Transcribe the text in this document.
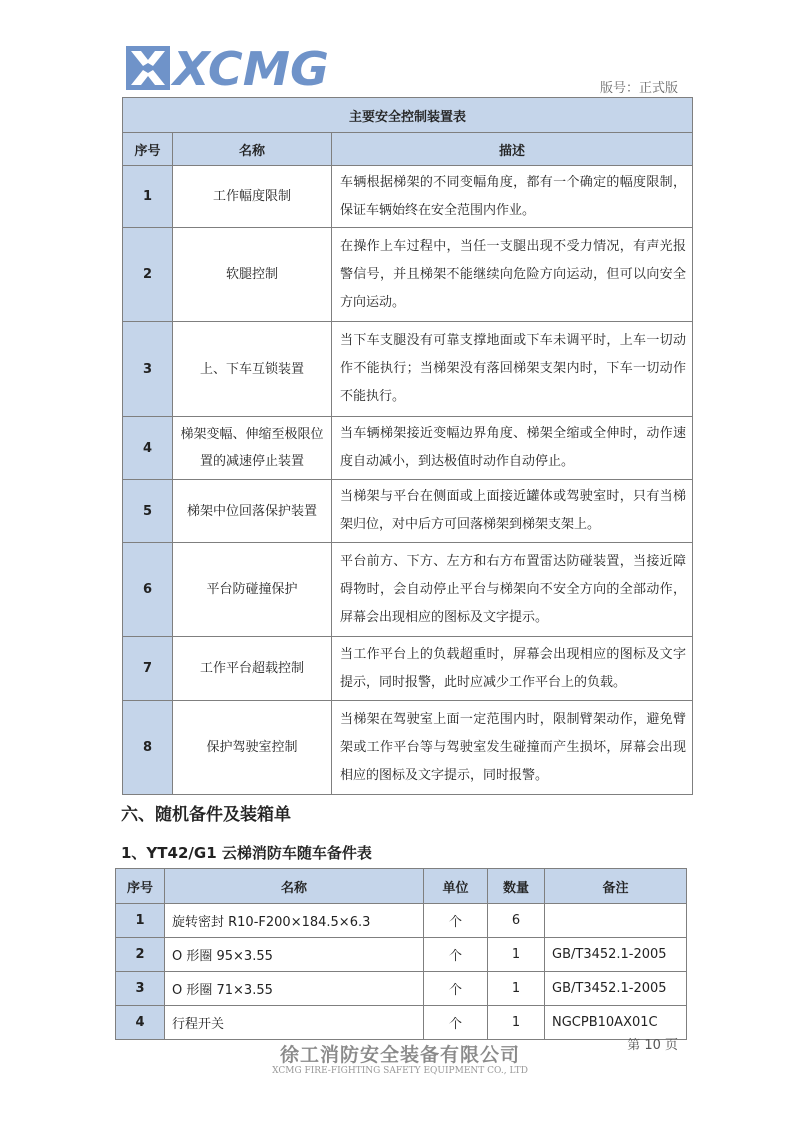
XCMG	版号：正式版
主要安全控制装置表		
序号	名称	描述
1	工作幅度限制	车辆根据梯架的不同变幅角度，都有一个确定的幅度限制，保证车辆始终在安全范围内作业。
2	软腿控制	在操作上车过程中，当任一支腿出现不受力情况，有声光报警信号，并且梯架不能继续向危险方向运动，但可以向安全方向运动。
3	上、下车互锁装置	当下车支腿没有可靠支撑地面或下车未调平时，上车一切动作不能执行；当梯架没有落回梯架支架内时，下车一切动作不能执行。
4	梯架变幅、伸缩至极限位置的减速停止装置	当车辆梯架接近变幅边界角度、梯架全缩或全伸时，动作速度自动减小，到达极值时动作自动停止。
5	梯架中位回落保护装置	当梯架与平台在侧面或上面接近罐体或驾驶室时，只有当梯架归位，对中后方可回落梯架到梯架支架上。
6	平台防碰撞保护	平台前方、下方、左方和右方布置雷达防碰装置，当接近障碍物时，会自动停止平台与梯架向不安全方向的全部动作，屏幕会出现相应的图标及文字提示。
7	工作平台超载控制	当工作平台上的负载超重时，屏幕会出现相应的图标及文字提示，同时报警，此时应减少工作平台上的负载。
8	保护驾驶室控制	当梯架在驾驶室上面一定范围内时，限制臂架动作，避免臂架或工作平台等与驾驶室发生碰撞而产生损坏，屏幕会出现相应的图标及文字提示，同时报警。
六、随机备件及装箱单
1、YT42/G1 云梯消防车随车备件表
序号	名称	单位	数量	备注
1	旋转密封 R10-F200×184.5×6.3	个	6	
2	O 形圈 95×3.55	个	1	GB/T3452.1-2005
3	O 形圈 71×3.55	个	1	GB/T3452.1-2005
4	行程开关	个	1	NGCPB10AX01C
第 10 页
徐工消防安全装备有限公司
XCMG FIRE-FIGHTING SAFETY EQUIPMENT CO., LTD
